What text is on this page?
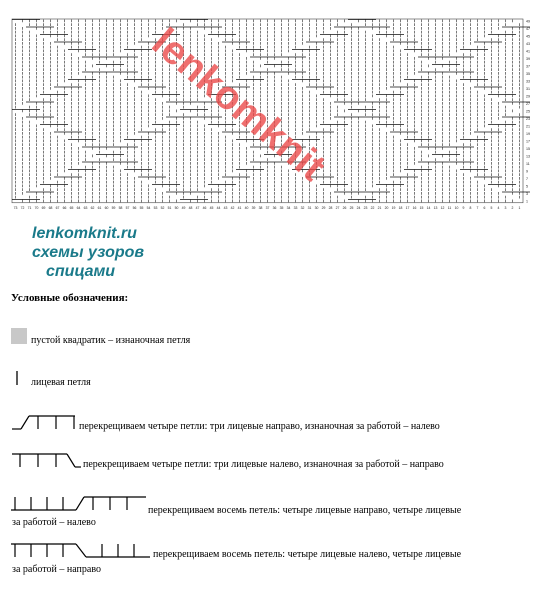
49
47
45
43
41
39
37
35
33
31
29
27
25
23
21
19
17
15
13
11
9
7
5
3
1
73 72 71 70 69 68 67 66 65 64 63 62 61 60 59 58 57 56 55 54 53 52 51 50 49 48 47 46 45 44 43 42 41 40 39 38 37 36 35 34 33 32 31 30 29 28 27 26 25 24 23 22 21 20 19 18 17 16 15 14 13 12 11 10 9 8 7 6 5 4 3 2 1
lenkomknit
lenkomknit.ru
схемы узоров
спицами
Условные обозначения:
пустой квадратик – изнаночная петля
лицевая петля
перекрещиваем четыре петли: три лицевые направо, изнаночная за работой – налево
перекрещиваем четыре петли: три лицевые налево, изнаночная за работой – направо
перекрещиваем восемь петель: четыре лицевые направо, четыре лицевые
за работой – налево
перекрещиваем восемь петель: четыре лицевые налево, четыре лицевые
за работой – направо
